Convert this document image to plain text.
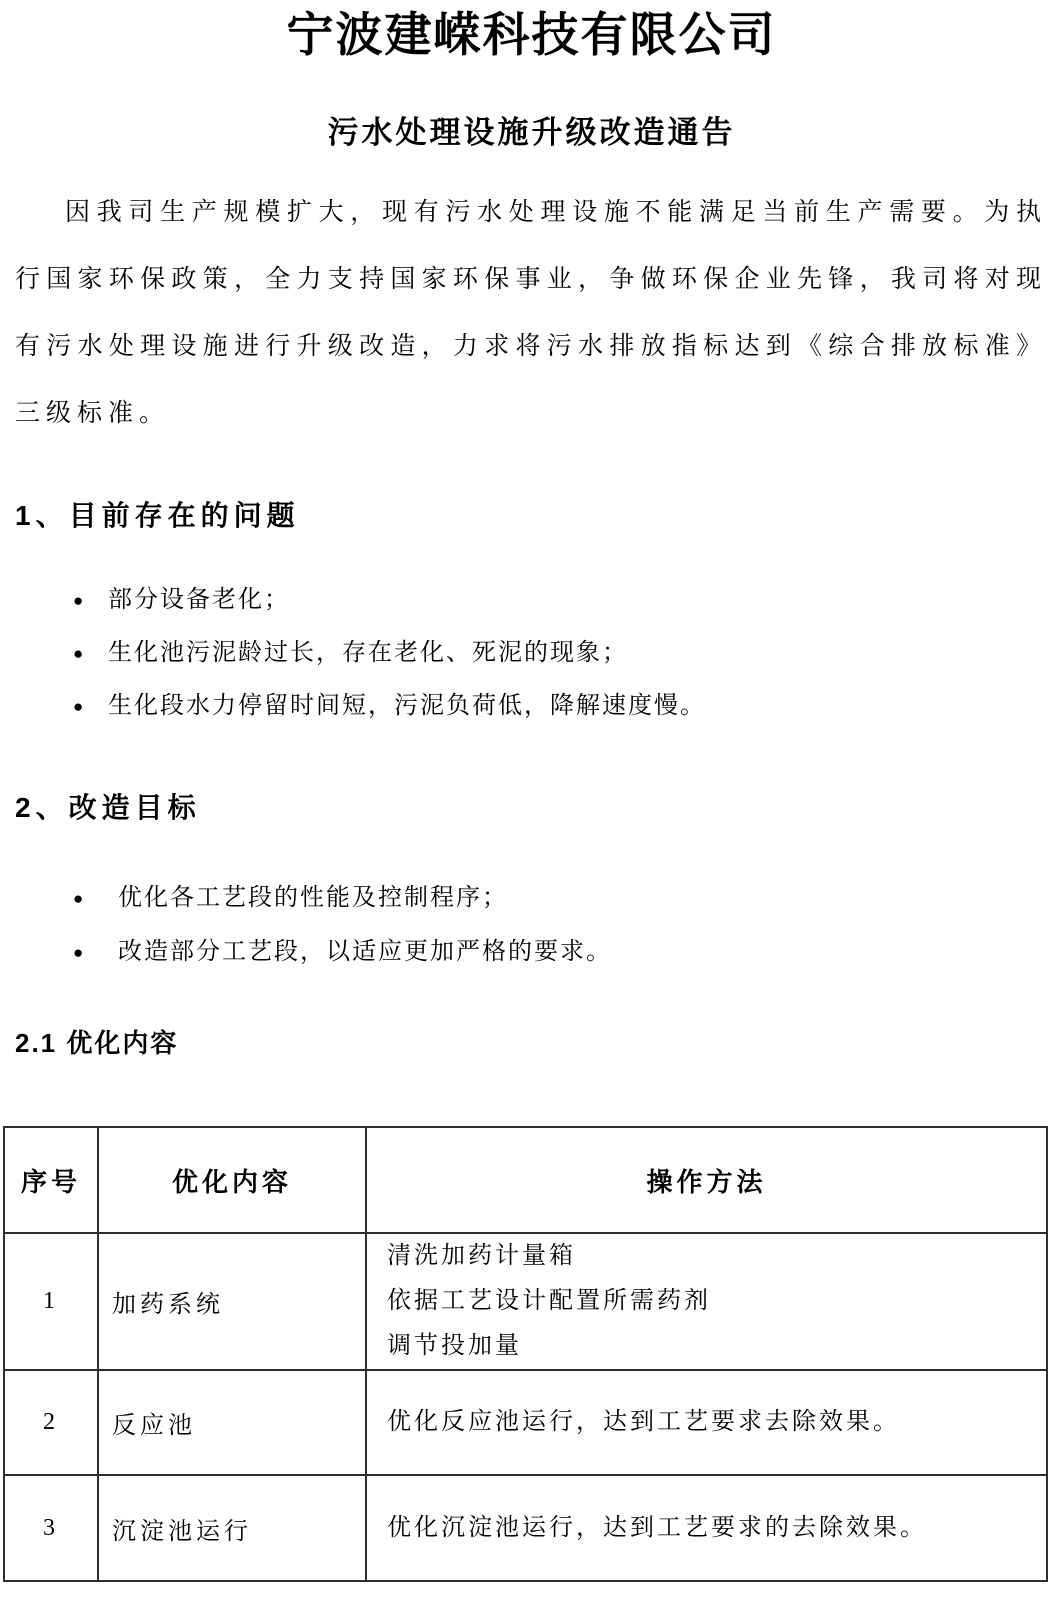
宁波建嵘科技有限公司
污水处理设施升级改造通告

因我司生产规模扩大，现有污水处理设施不能满足当前生产需要。为执行国家环保政策，全力支持国家环保事业，争做环保企业先锋，我司将对现有污水处理设施进行升级改造，力求将污水排放指标达到《综合排放标准》三级标准。

1、目前存在的问题
● 部分设备老化；
● 生化池污泥龄过长，存在老化、死泥的现象；
● 生化段水力停留时间短，污泥负荷低，降解速度慢。
2、改造目标
● 优化各工艺段的性能及控制程序；
● 改造部分工艺段，以适应更加严格的要求。
2.1 优化内容
序号	优化内容	操作方法
1	加药系统	清洗加药计量箱
依据工艺设计配置所需药剂
调节投加量

2	反应池	优化反应池运行，达到工艺要求去除效果。

3	沉淀池运行	优化沉淀池运行，达到工艺要求的去除效果。
